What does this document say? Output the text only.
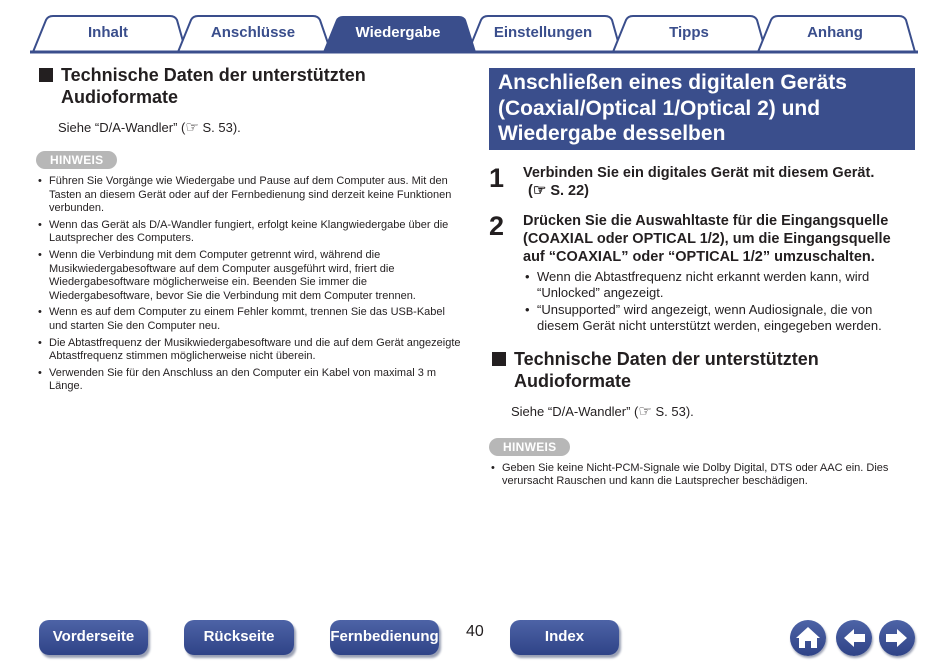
Inhalt	Anschlüsse	Wiedergabe	Einstellungen	Tipps	Anhang
Technische Daten der unterstützten Audioformate
Siehe “D/A-Wandler” (☞ S. 53).
HINWEIS
• Führen Sie Vorgänge wie Wiedergabe und Pause auf dem Computer aus. Mit den Tasten an diesem Gerät oder auf der Fernbedienung sind derzeit keine Funktionen verbunden.
• Wenn das Gerät als D/A-Wandler fungiert, erfolgt keine Klangwiedergabe über die Lautsprecher des Computers.
• Wenn die Verbindung mit dem Computer getrennt wird, während die Musikwiedergabesoftware auf dem Computer ausgeführt wird, friert die Wiedergabesoftware möglicherweise ein. Beenden Sie immer die Wiedergabesoftware, bevor Sie die Verbindung mit dem Computer trennen.
• Wenn es auf dem Computer zu einem Fehler kommt, trennen Sie das USB-Kabel und starten Sie den Computer neu.
• Die Abtastfrequenz der Musikwiedergabesoftware und die auf dem Gerät angezeigte Abtastfrequenz stimmen möglicherweise nicht überein.
• Verwenden Sie für den Anschluss an den Computer ein Kabel von maximal 3 m Länge.
Anschließen eines digitalen Geräts (Coaxial/Optical 1/Optical 2) und Wiedergabe desselben
1	Verbinden Sie ein digitales Gerät mit diesem Gerät.
(☞ S. 22)
2	Drücken Sie die Auswahltaste für die Eingangsquelle (COAXIAL oder OPTICAL 1/2), um die Eingangsquelle auf “COAXIAL” oder “OPTICAL 1/2” umzuschalten.
• Wenn die Abtastfrequenz nicht erkannt werden kann, wird “Unlocked” angezeigt.
• “Unsupported” wird angezeigt, wenn Audiosignale, die von diesem Gerät nicht unterstützt werden, eingegeben werden.
Technische Daten der unterstützten Audioformate
Siehe “D/A-Wandler” (☞ S. 53).
HINWEIS
• Geben Sie keine Nicht-PCM-Signale wie Dolby Digital, DTS oder AAC ein. Dies verursacht Rauschen und kann die Lautsprecher beschädigen.
Vorderseite	Rückseite	Fernbedienung 40	Index
